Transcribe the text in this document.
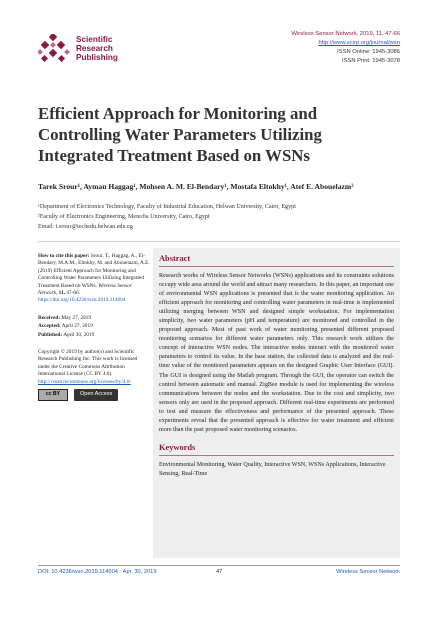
Scientific
Research
Publishing
Wireless Sensor Network, 2019, 11, 47-66
http://www.scirp.org/journal/wsn
ISSN Online: 1945-3086
ISSN Print: 1945-3078
Efficient Approach for Monitoring and
Controlling Water Parameters Utilizing
Integrated Treatment Based on WSNs
Tarek Srour¹, Ayman Haggag¹, Mohsen A. M. El-Bendary¹, Mostafa Eltokhy¹, Atef E. Abouelazm²
¹Department of Electronics Technology, Faculty of Industrial Education, Helwan University, Cairo, Egypt
²Faculty of Electronics Engineering, Menofia University, Cairo, Egypt
Email: t.srour@techedu.helwan.edu.eg
How to cite this paper: Srour, T., Haggag, A., El-Bendary, M.A.M., Eltokhy, M. and Abouelazm, A.E. (2019) Efficient Approach for Monitoring and Controlling Water Parameters Utilizing Integrated Treatment Based on WSNs. Wireless Sensor Network, 11, 47-66.
https://doi.org/10.4236/wsn.2019.114004
Received: May 27, 2019
Accepted: April 27, 2019
Published: April 30, 2019
Copyright © 2019 by author(s) and Scientific Research Publishing Inc. This work is licensed under the Creative Commons Attribution International License (CC BY 4.0).
http://creativecommons.org/licenses/by/4.0/
cc BY	Open Access
Abstract
Research works of Wireless Sensor Networks (WSNs) applications and its constraints solutions occupy wide area around the world and attract many researchers. In this paper, an important one of environmental WSN applications is presented that is the water monitoring application. An efficient approach for monitoring and controlling water parameters in real-time is implemented utilizing merging between WSN and designed simple workstation. For implementation simplicity, two water parameters (pH and temperature) are monitored and controlled in the proposed approach. Most of past work of water monitoring presented different proposed monitoring scenarios for different water parameters only. This research work utilizes the concept of interactive WSN nodes. The interactive nodes interact with the monitored water parameters to control its value. In the base station, the collected data is analyzed and the real-time value of the monitored parameters appears on the designed Graphic User Interface (GUI). The GUI is designed using the Matlab program. Through the GUI, the operator can switch the control between automatic and manual. ZigBee module is used for implementing the wireless communications between the nodes and the workstation. Due to the cost and simplicity, two sensors only are used in the proposed approach. Different real-time experiments are performed to test and measure the effectiveness and performance of the presented approach. These experiments reveal that the presented approach is effective for water treatment and efficient more than the past proposed water monitoring scenarios.
Keywords
Environmental Monitoring, Water Quality, Interactive WSN, WSNs Applications, Interactive Sensing, Real-Time
DOI: 10.4236/wsn.2019.114004 Apr. 30, 2019	47	Wireless Sensor Network
